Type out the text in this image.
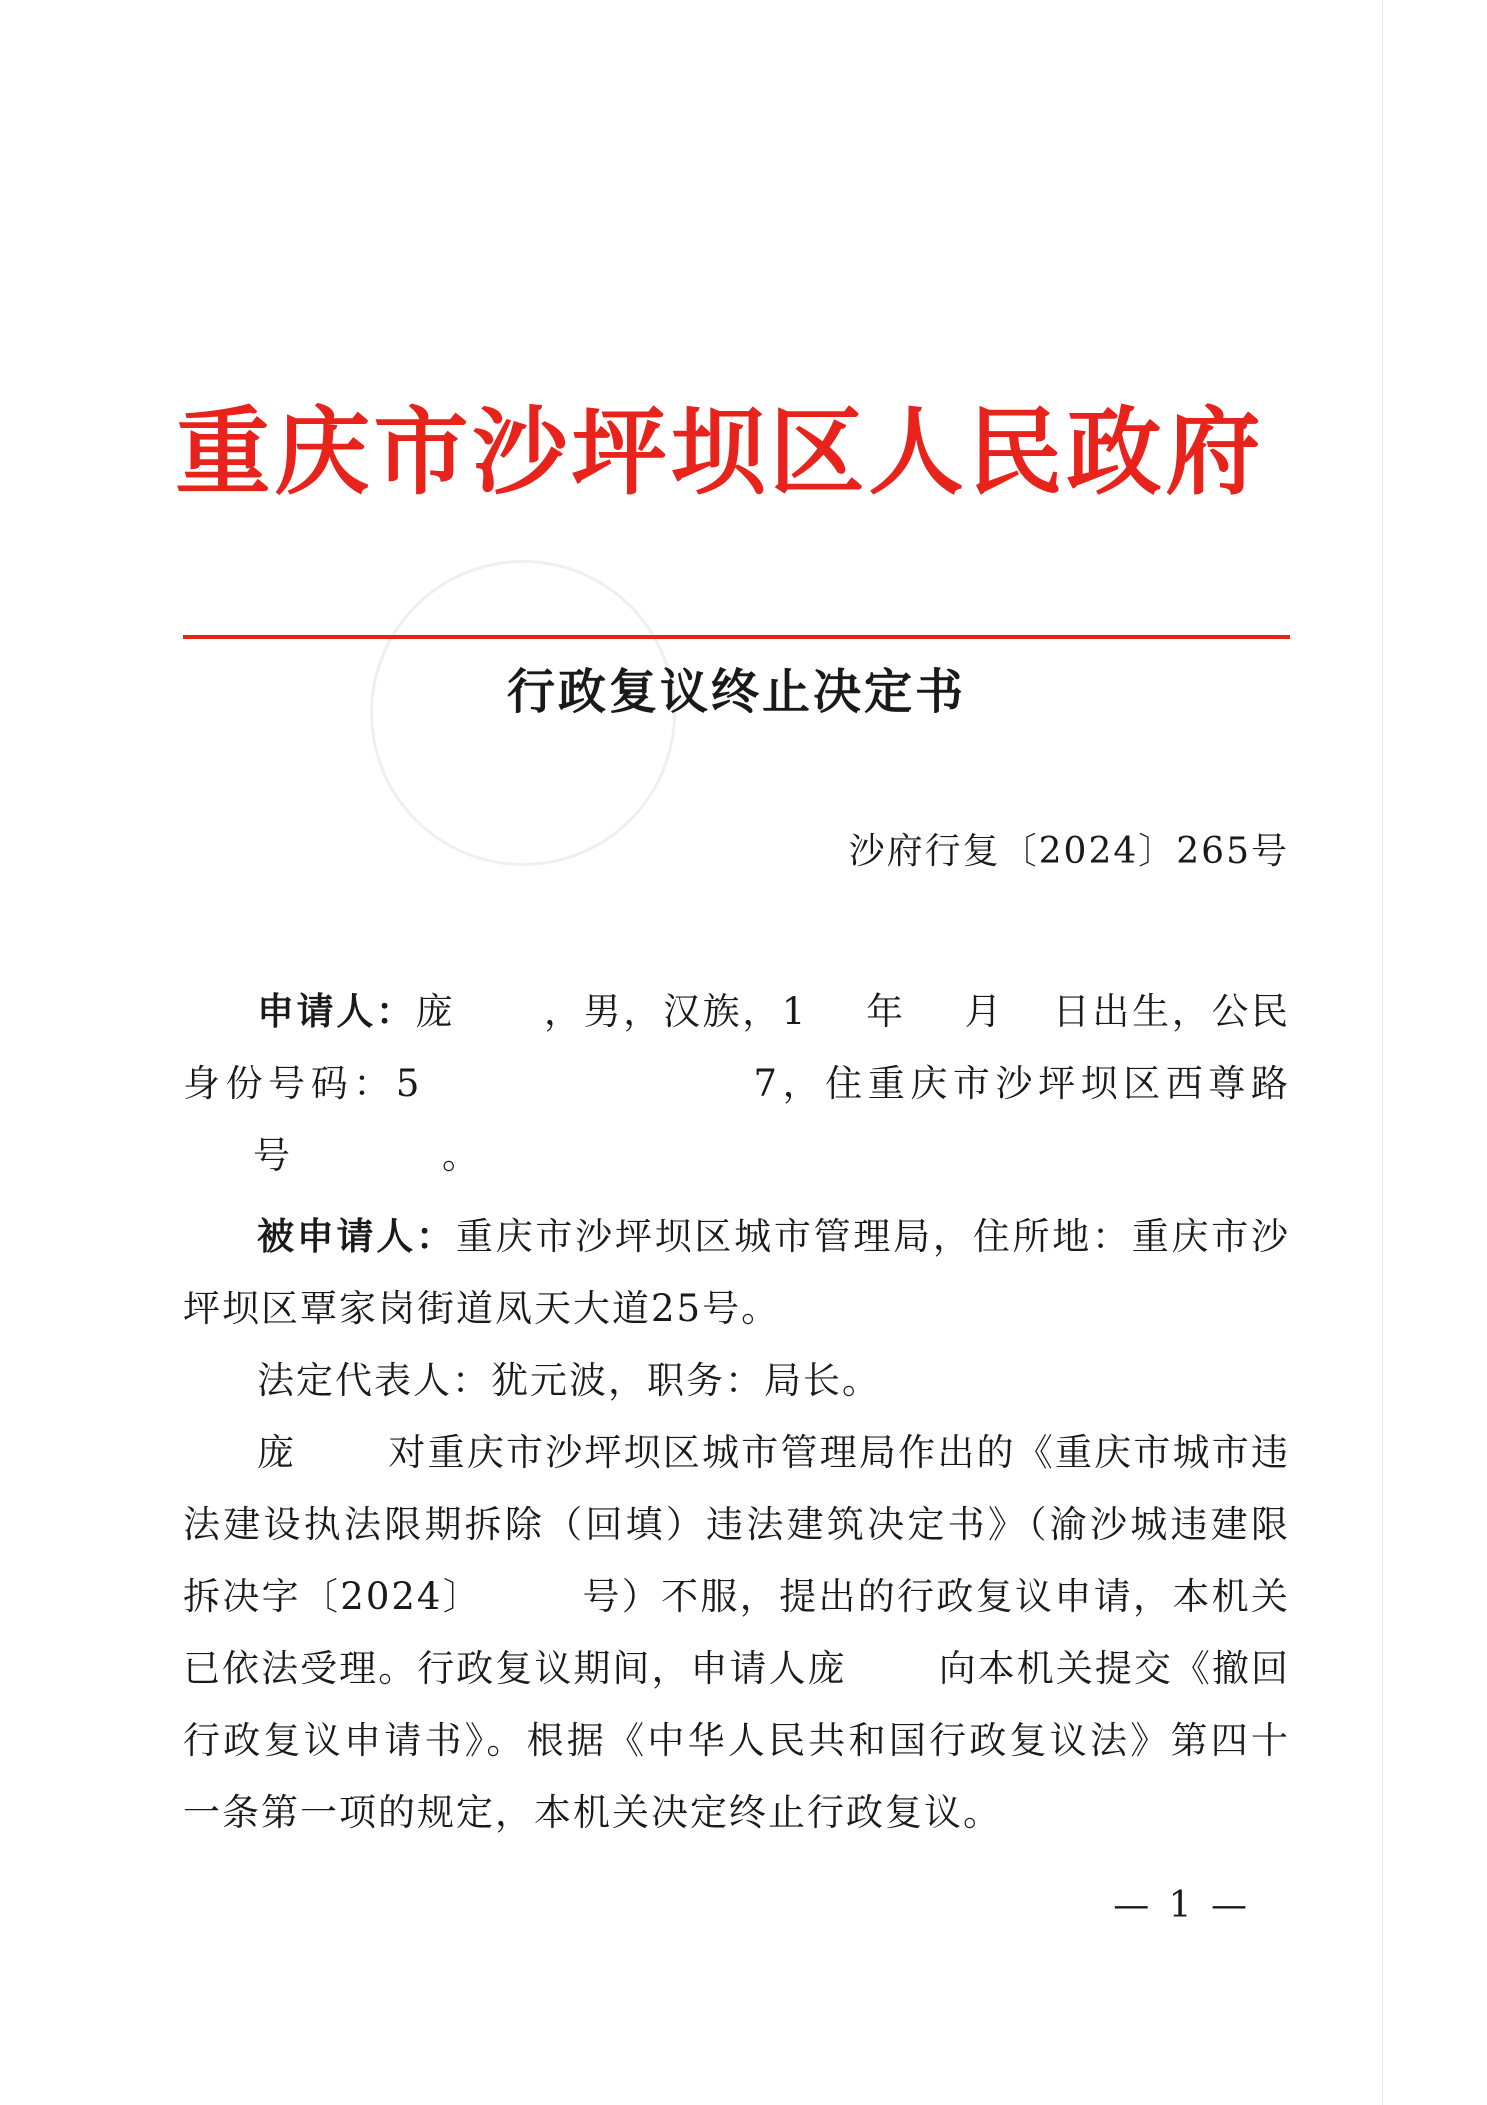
重庆市沙坪坝区人民政府
行政复议终止决定书
沙府行复〔2024〕265号

申请人：庞 ，男，汉族，1 年 月 日出生，公民身份号码：5	7，住重庆市沙坪坝区西尊路号	。

被申请人：重庆市沙坪坝区城市管理局，住所地：重庆市沙坪坝区覃家岗街道凤天大道25号。

法定代表人：犹元波，职务：局长。

庞 对重庆市沙坪坝区城市管理局作出的《重庆市城市违法建设执法限期拆除（回填）违法建筑决定书》（渝沙城违建限拆决字〔2024〕	号）不服，提出的行政复议申请，本机关已依法受理。行政复议期间，申请人庞 向本机关提交《撤回行政复议申请书》。根据《中华人民共和国行政复议法》第四十一条第一项的规定，本机关决定终止行政复议。

— 1 —
